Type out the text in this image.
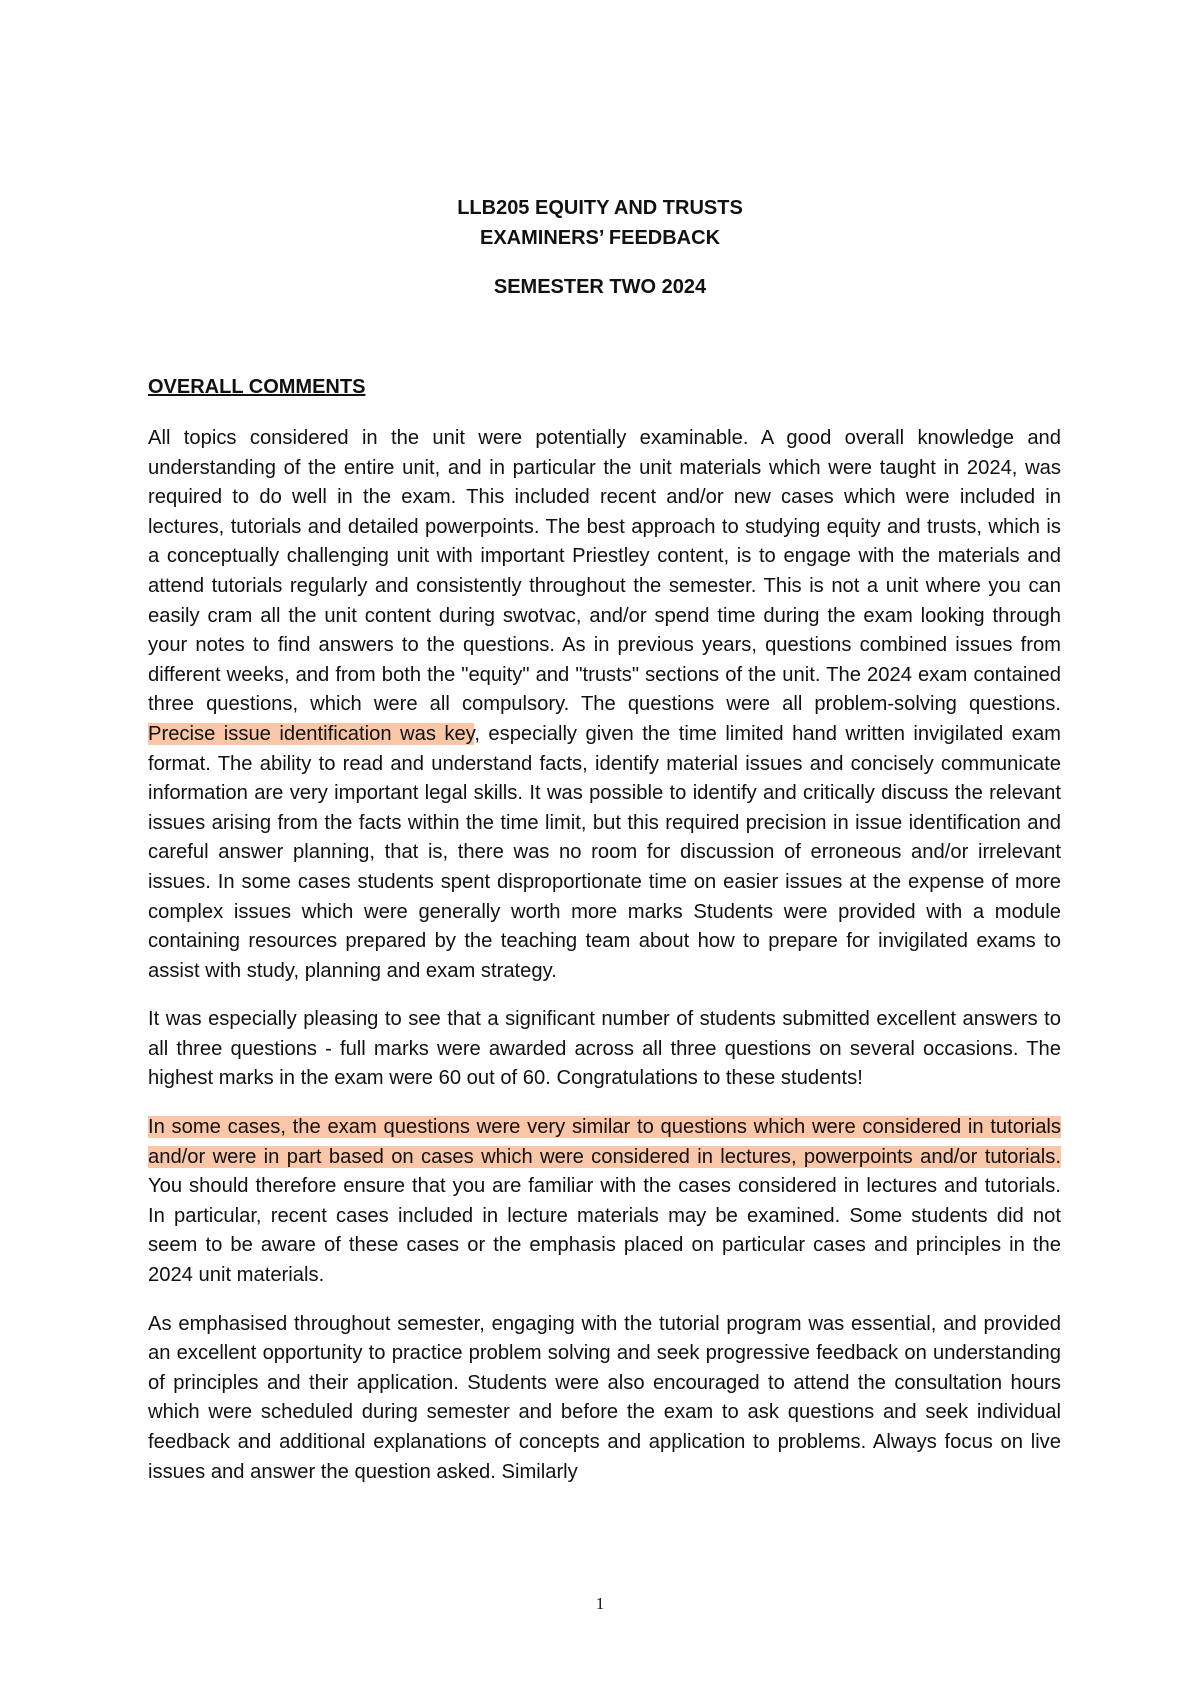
LLB205 EQUITY AND TRUSTS
EXAMINERS’ FEEDBACK
SEMESTER TWO 2024
OVERALL COMMENTS

All topics considered in the unit were potentially examinable. A good overall knowledge and understanding of the entire unit, and in particular the unit materials which were taught in 2024, was required to do well in the exam. This included recent and/or new cases which were included in lectures, tutorials and detailed powerpoints. The best approach to studying equity and trusts, which is a conceptually challenging unit with important Priestley content, is to engage with the materials and attend tutorials regularly and consistently throughout the semester. This is not a unit where you can easily cram all the unit content during swotvac, and/or spend time during the exam looking through your notes to find answers to the questions. As in previous years, questions combined issues from different weeks, and from both the "equity" and "trusts" sections of the unit. The 2024 exam contained three questions, which were all compulsory. The questions were all problem-solving questions. Precise issue identification was key, especially given the time limited hand written invigilated exam format. The ability to read and understand facts, identify material issues and concisely communicate information are very important legal skills. It was possible to identify and critically discuss the relevant issues arising from the facts within the time limit, but this required precision in issue identification and careful answer planning, that is, there was no room for discussion of erroneous and/or irrelevant issues. In some cases students spent disproportionate time on easier issues at the expense of more complex issues which were generally worth more marks Students were provided with a module containing resources prepared by the teaching team about how to prepare for invigilated exams to assist with study, planning and exam strategy.

It was especially pleasing to see that a significant number of students submitted excellent answers to all three questions - full marks were awarded across all three questions on several occasions. The highest marks in the exam were 60 out of 60. Congratulations to these students!

In some cases, the exam questions were very similar to questions which were considered in tutorials and/or were in part based on cases which were considered in lectures, powerpoints and/or tutorials. You should therefore ensure that you are familiar with the cases considered in lectures and tutorials. In particular, recent cases included in lecture materials may be examined. Some students did not seem to be aware of these cases or the emphasis placed on particular cases and principles in the 2024 unit materials.

As emphasised throughout semester, engaging with the tutorial program was essential, and provided an excellent opportunity to practice problem solving and seek progressive feedback on understanding of principles and their application. Students were also encouraged to attend the consultation hours which were scheduled during semester and before the exam to ask questions and seek individual feedback and additional explanations of concepts and application to problems. Always focus on live issues and answer the question asked. Similarly

1
